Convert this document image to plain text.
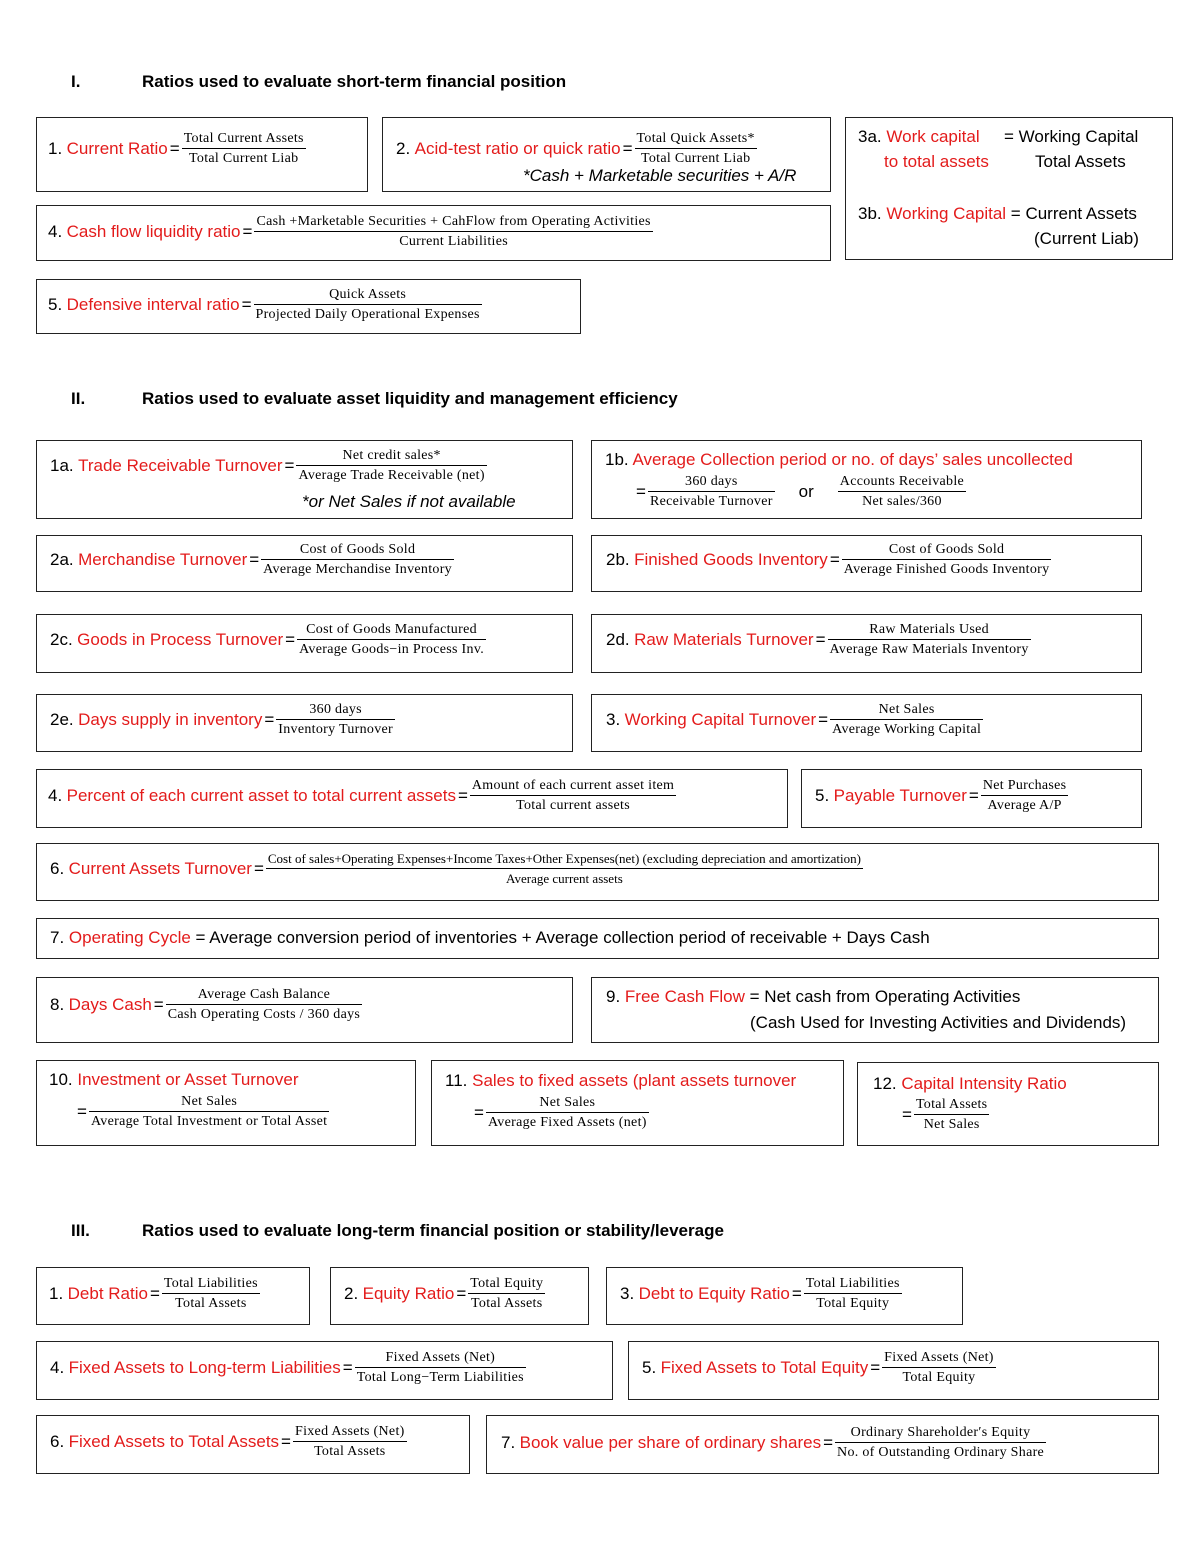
I.	Ratios used to evaluate short-term financial position
1.
Current Ratio = $\frac{\text{Total Current Assets}}{\text{Total Current Liab}}$	2.
Acid-test ratio or quick ratio = $\frac{\text{Total Quick Assets*}}{\text{Total Current Liab}}$
*Cash + Marketable securities + A/R
3a. Work capital
to total assets
= Working Capital
Total Assets
3b. Working Capital = Current Assets
(Current Liab)
4.
Cash flow liquidity ratio =
Cash +Marketable Securities + CahFlow from Operating Activities
Current Liabilities
5.
Defensive interval ratio = $\frac{\text{Quick Assets}}{\text{Projected Daily Operational Expenses}}$
II.	Ratios used to evaluate asset liquidity and management efficiency
1a.
Trade Receivable Turnover = $\frac{\text{Net credit sales*}}{\text{Average Trade Receivable (net)}}$
*or Net Sales if not available
1b. Average Collection period or no. of days’ sales uncollected
= $\frac{\text{360 days}}{\text{Receivable Turnover}}$ or $\frac{\text{Accounts Receivable}}{\text{Net sales/360}}$
2a.
Merchandise Turnover = $\frac{\text{Cost of Goods Sold}}{\text{Average Merchandise Inventory}}$	2b.
Finished Goods Inventory = $\frac{\text{Cost of Goods Sold}}{\text{Average Finished Goods Inventory}}$
2c.
Goods in Process Turnover = $\frac{\text{Cost of Goods Manufactured}}{\text{Average Goods−in Process Inv.}}$	2d.
Raw Materials Turnover = $\frac{\text{Raw Materials Used}}{\text{Average Raw Materials Inventory}}$
2e.
Days supply in inventory = $\frac{\text{360 days}}{\text{Inventory Turnover}}$	3.
Working Capital Turnover = $\frac{\text{Net Sales}}{\text{Average Working Capital}}$
4.
Percent of each current asset to total current assets = $\frac{\text{Amount of each current asset item}}{\text{Total current assets}}$	5.
Payable Turnover = $\frac{\text{Net Purchases}}{\text{Average A/P}}$
6.
Current Assets Turnover =
Cost of sales+Operating Expenses+Income Taxes+Other Expenses(net) (excluding depreciation and amortization)
Average current assets
7. Operating Cycle = Average conversion period of inventories + Average collection period of receivable + Days Cash
8.
Days Cash = $\frac{\text{Average Cash Balance}}{\text{Cash Operating Costs / 360 days}}$	9. Free Cash Flow = Net cash from Operating Activities
(Cash Used for Investing Activities and Dividends)
10. Investment or Asset Turnover
= $\frac{\text{Net Sales}}{\text{Average Total Investment or Total Asset}}$
11. Sales to fixed assets (plant assets turnover
= $\frac{\text{Net Sales}}{\text{Average Fixed Assets (net)}}$
12. Capital Intensity Ratio
= $\frac{\text{Total Assets}}{\text{Net Sales}}$
III.	Ratios used to evaluate long-term financial position or stability/leverage
1.
Debt Ratio = $\frac{\text{Total Liabilities}}{\text{Total Assets}}$	2.
Equity Ratio = $\frac{\text{Total Equity}}{\text{Total Assets}}$	3.
Debt to Equity Ratio = $\frac{\text{Total Liabilities}}{\text{Total Equity}}$
4.
Fixed Assets to Long-term Liabilities = $\frac{\text{Fixed Assets (Net)}}{\text{Total Long−Term Liabilities}}$	5.
Fixed Assets to Total Equity = $\frac{\text{Fixed Assets (Net)}}{\text{Total Equity}}$
6.
Fixed Assets to Total Assets = $\frac{\text{Fixed Assets (Net)}}{\text{Total Assets}}$	7.
Book value per share of ordinary shares = $\frac{\text{Ordinary Shareholder′s Equity}}{\text{No. of Outstanding Ordinary Share}}$
